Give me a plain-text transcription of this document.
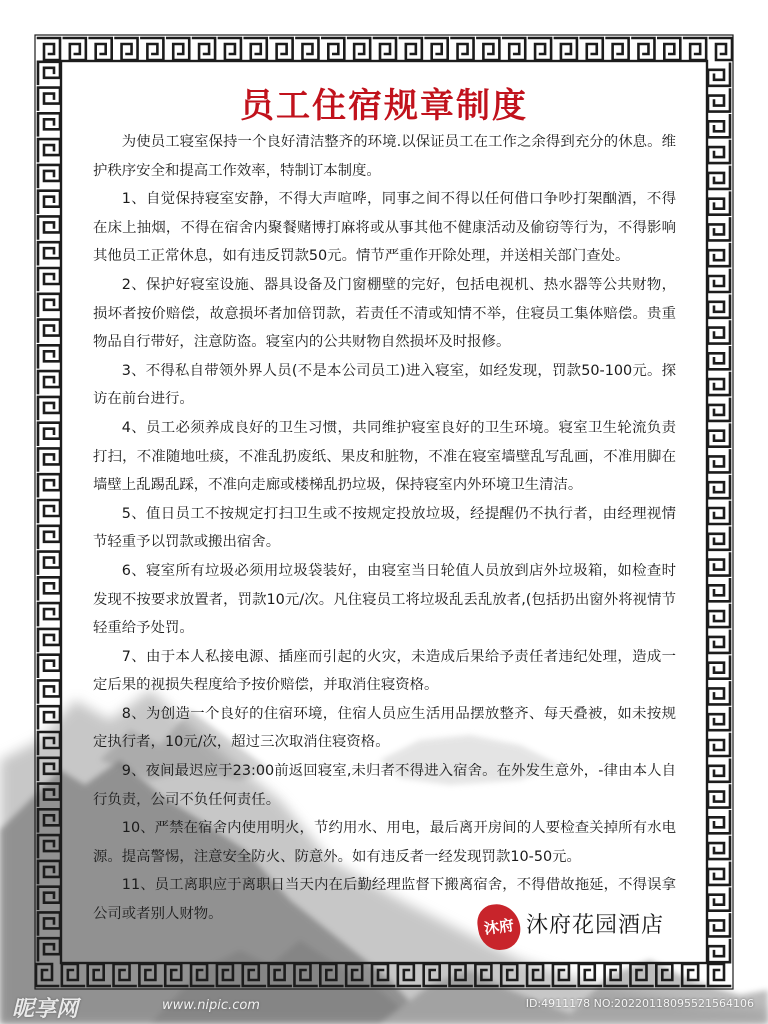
员工住宿规章制度

为使员工寝室保持一个良好清洁整齐的环境.以保证员工在工作之余得到充分的休息。维护秩序安全和提高工作效率，特制订本制度。

1、自觉保持寝室安静，不得大声喧哗，同事之间不得以任何借口争吵打架酗酒，不得在床上抽烟，不得在宿舍内聚餐赌博打麻将或从事其他不健康活动及偷窃等行为，不得影响其他员工正常休息，如有违反罚款50元。情节严重作开除处理，并送相关部门查处。

2、保护好寝室设施、器具设备及门窗棚壁的完好，包括电视机、热水器等公共财物，损坏者按价赔偿，故意损坏者加倍罚款，若责任不清或知情不举，住寝员工集体赔偿。贵重物品自行带好，注意防盗。寝室内的公共财物自然损坏及时报修。

3、不得私自带领外界人员(不是本公司员工)进入寝室，如经发现，罚款50-100元。探访在前台进行。

4、员工必须养成良好的卫生习惯，共同维护寝室良好的卫生环境。寝室卫生轮流负责打扫，不准随地吐痰，不准乱扔废纸、果皮和脏物，不准在寝室墙壁乱写乱画，不准用脚在墙壁上乱踢乱踩，不准向走廊或楼梯乱扔垃圾，保持寝室内外环境卫生清洁。

5、值日员工不按规定打扫卫生或不按规定投放垃圾，经提醒仍不执行者，由经理视情节轻重予以罚款或搬出宿舍。

6、寝室所有垃圾必须用垃圾袋装好，由寝室当日轮值人员放到店外垃圾箱，如检查时发现不按要求放置者，罚款10元/次。凡住寝员工将垃圾乱丢乱放者,(包括扔出窗外将视情节轻重给予处罚。

7、由于本人私接电源、插座而引起的火灾，未造成后果给予责任者违纪处理，造成一定后果的视损失程度给予按价赔偿，并取消住寝资格。

8、为创造一个良好的住宿环境，住宿人员应生活用品摆放整齐、每天叠被，如未按规定执行者，10元/次，超过三次取消住寝资格。

9、夜间最迟应于23:00前返回寝室,未归者不得进入宿舍。在外发生意外，-律由本人自行负责，公司不负任何责任。

10、严禁在宿舍内使用明火，节约用水、用电，最后离开房间的人要检查关掉所有水电源。提高警惕，注意安全防火、防意外。如有违反者一经发现罚款10-50元。

11、员工离职应于离职日当天内在后勤经理监督下搬离宿舍，不得借故拖延，不得误拿公司或者别人财物。

沐府 沐府花园酒店
昵享网	www.nipic.com	ID:4911178 NO:20220118095521564106
